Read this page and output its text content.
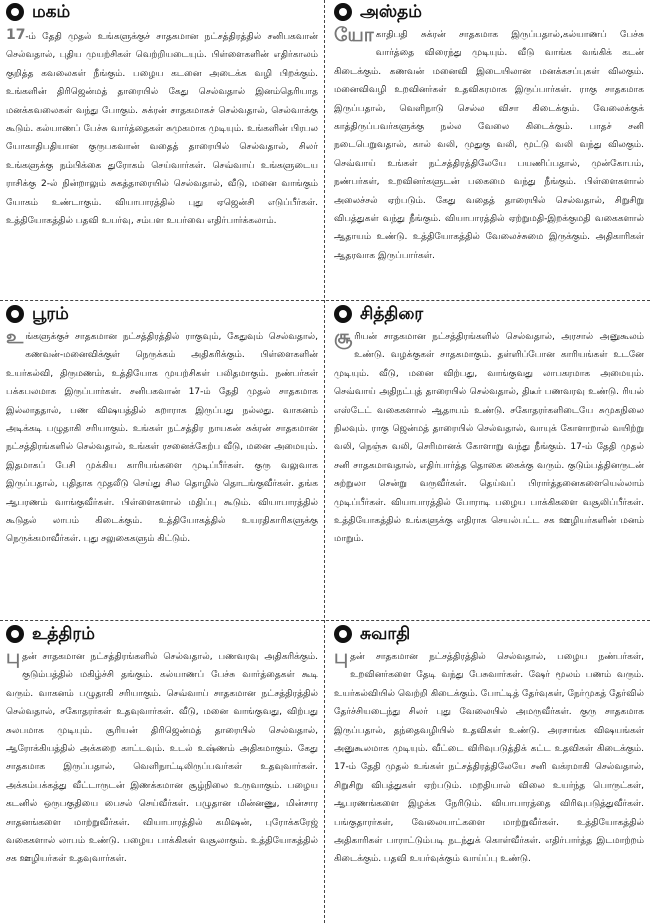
மகம்
17-ம் தேதி முதல் உங்களுக்குச் சாதகமான நட்சத்திரத்தில் சனிபகவான் செல்வதால், புதிய முயற்சிகள் வெற்றியடையும். பிள்ளைகளின் எதிர்காலம் குறித்த கவலைகள் நீங்கும். பழைய கடனை அடைக்க வழி பிறக்கும். உங்களின் திரிஜென்மத் தாரையில் கேது செல்வதால் இனம்தெரியாத மனக்கவலைகள் வந்து போகும். சுக்ரன் சாதகமாகச் செல்வதால், செல்வாக்கு கூடும். கல்யாணப் பேச்சு வார்த்தைகள் சுமுகமாக முடியும். உங்களின் பிரபல யோகாதிபதியான குருபகவான் வதைத் தாரையில் செல்வதால், சிலர் உங்களுக்கு நம்பிக்கை துரோகம் செய்வார்கள். செவ்வாய் உங்களுடைய ராசிக்கு 2-ல் நின்றாலும் சுகத்தாரையில் செல்வதால், வீடு, மனை வாங்கும் யோகம் உண்டாகும். வியாபாரத்தில் புது ஏஜென்சி எடுப்பீர்கள். உத்தியோகத்தில் பதவி உயர்வு, சம்பள உயர்வை எதிர்பார்க்கலாம்.
அஸ்தம்
யோகாதிபதி சுக்ரன் சாதகமாக இருப்பதால்,கல்யாணப் பேச்சு வார்த்தை விரைந்து முடியும். வீடு வாங்க வங்கிக் கடன் கிடைக்கும். கணவன் மனைவி இடையிலான மனக்கசப்புகள் விலகும். மனைவிவழி உறவினர்கள் உதவிகரமாக இருப்பார்கள். ராகு சாதகமாக இருப்பதால், வெளிநாடு செல்ல விசா கிடைக்கும். வேலைக்குக் காத்திருப்பவர்களுக்கு நல்ல வேலை கிடைக்கும். பாதச் சனி நடைபெறுவதால், கால் வலி, முதுகு வலி, மூட்டு வலி வந்து விலகும். செவ்வாய் உங்கள் நட்சத்திரத்திலேயே பயணிப்பதால், முன்கோபம், நண்பர்கள், உறவினர்களுடன் பகைமை வந்து நீங்கும். பிள்ளைகளால் அலைச்சல் ஏற்படும். கேது வதைத் தாரையில் செல்வதால், சிறுசிறு விபத்துகள் வந்து நீங்கும். வியாபாரத்தில் ஏற்றுமதி-இறக்குமதி வகைகளால் ஆதாயம் உண்டு. உத்தியோகத்தில் வேலைச்சுமை இருக்கும். அதிகாரிகள் ஆதரவாக இருப்பார்கள்.
பூரம்
உங்களுக்குச் சாதகமான நட்சத்திரத்தில் ராகுவும், கேதுவும் செல்வதால், கணவன்-மனைவிக்குள் நெருக்கம் அதிகரிக்கும். பிள்ளைகளின் உயர்கல்வி, திருமணம், உத்தியோக முயற்சிகள் பலிதமாகும். நண்பர்கள் பக்கபலமாக இருப்பார்கள். சனிபகவான் 17-ம் தேதி முதல் சாதகமாக இல்லாததால், பண விஷயத்தில் கறாராக இருப்பது நல்லது. வாகனம் அடிக்கடி பழுதாகி சரியாகும். உங்கள் நட்சத்திர நாயகன் சுக்ரன் சாதகமான நட்சத்திரங்களில் செல்வதால், உங்கள் ரசனைக்கேற்ப வீடு, மனை அமையும். இதமாகப் பேசி முக்கிய காரியங்களை முடிப்பீர்கள். குரு வலுவாக இருப்பதால், புதிதாக முதலீடு செய்து சில தொழில் தொடங்குவீர்கள். தங்க ஆபரணம் வாங்குவீர்கள். பிள்ளைகளால் மதிப்பு கூடும். வியாபாரத்தில் கூடுதல் லாபம் கிடைக்கும். உத்தியோகத்தில் உயரதிகாரிகளுக்கு நெருக்கமாவீர்கள். புது சலுகைகளும் கிட்டும்.
சித்திரை
சூரியன் சாதகமான நட்சத்திரங்களில் செல்வதால், அரசால் அனுகூலம் உண்டு. வழக்குகள் சாதகமாகும். தள்ளிப்போன காரியங்கள் உடனே முடியும். வீடு, மனை விற்பது, வாங்குவது லாபகரமாக அமையும். செவ்வாய் அதிநட்புத் தாரையில் செல்வதால், திடீர் பணவரவு உண்டு. ரியல் எஸ்டேட் வகைகளால் ஆதாயம் உண்டு. சகோதரர்களிடையே சுமுகநிலை நிலவும். ராகு ஜென்மத் தாரையில் செல்வதால், வாயுக் கோளாறால் வயிற்று வலி, நெஞ்சு வலி, செரிமானக் கோளாறு வந்து நீங்கும். 17-ம் தேதி முதல் சனி சாதகமாவதால், எதிர்பார்த்த தொகை கைக்கு வரும். குடும்பத்தினருடன் சுற்றுலா சென்று வருவீர்கள். தெய்வப் பிரார்த்தனைகளையெல்லாம் முடிப்பீர்கள். வியாபாரத்தில் போராடி பழைய பாக்கிகளை வசூலிப்பீர்கள். உத்தியோகத்தில் உங்களுக்கு எதிராக செயல்பட்ட சக ஊழியர்களின் மனம் மாறும்.
உத்திரம்
புதன் சாதகமான நட்சத்திரங்களில் செல்வதால், பணவரவு அதிகரிக்கும். குடும்பத்தில் மகிழ்ச்சி தங்கும். கல்யாணப் பேச்சு வார்த்தைகள் கூடி வரும். வாகனம் பழுதாகி சரியாகும். செவ்வாய் சாதகமான நட்சத்திரத்தில் செல்வதால், சகோதரர்கள் உதவுவார்கள். வீடு, மனை வாங்குவது, விற்பது சுலபமாக முடியும். சூரியன் திரிஜென்மத் தாரையில் செல்வதால், ஆரோக்கியத்தில் அக்கறை காட்டவும். உடல் உஷ்ணம் அதிகமாகும். கேது சாதகமாக இருப்பதால், வெளிநாட்டிலிருப்பவர்கள் உதவுவார்கள். அக்கம்பக்கத்து வீட்டாருடன் இணக்கமான சூழ்நிலை உருவாகும். பழைய கடனில் ஒருபகுதியை பைசல் செய்வீர்கள். பழுதான மின்னணு, மின்சார சாதனங்களை மாற்றுவீர்கள். வியாபாரத்தில் கமிஷன், புரோக்கரேஜ் வகைகளால் லாபம் உண்டு. பழைய பாக்கிகள் வசூலாகும். உத்தியோகத்தில் சக ஊழியர்கள் உதவுவார்கள்.
சுவாதி
புதன் சாதகமான நட்சத்திரத்தில் செல்வதால், பழைய நண்பர்கள், உறவினர்களை தேடி வந்து பேசுவார்கள். ஷேர் மூலம் பணம் வரும். உயர்கல்வியில் வெற்றி கிடைக்கும். போட்டித் தேர்வுகள், நேர்முகத் தேர்வில் தேர்ச்சியடைந்து சிலர் புது வேலையில் அமருவீர்கள். குரு சாதகமாக இருப்பதால், தந்தைவழியில் உதவிகள் உண்டு. அரசாங்க விஷயங்கள் அனுகூலமாக முடியும். வீட்டை விரிவுபடுத்திக் கட்ட உதவிகள் கிடைக்கும். 17-ம் தேதி முதல் உங்கள் நட்சத்திரத்திலேயே சனி வக்ரமாகி செல்வதால், சிறுசிறு விபத்துகள் ஏற்படும். மறதியால் விலை உயர்ந்த பொருட்கள், ஆபரணங்களை இழக்க நேரிடும். வியாபாரத்தை விரிவுபடுத்துவீர்கள். பங்குதாரர்கள், வேலையாட்களை மாற்றுவீர்கள். உத்தியோகத்தில் அதிகாரிகள் பாராட்டும்படி நடந்துக் கொள்வீர்கள். எதிர்பார்த்த இடமாற்றம் கிடைக்கும். பதவி உயர்வுக்கும் வாய்ப்பு உண்டு.
